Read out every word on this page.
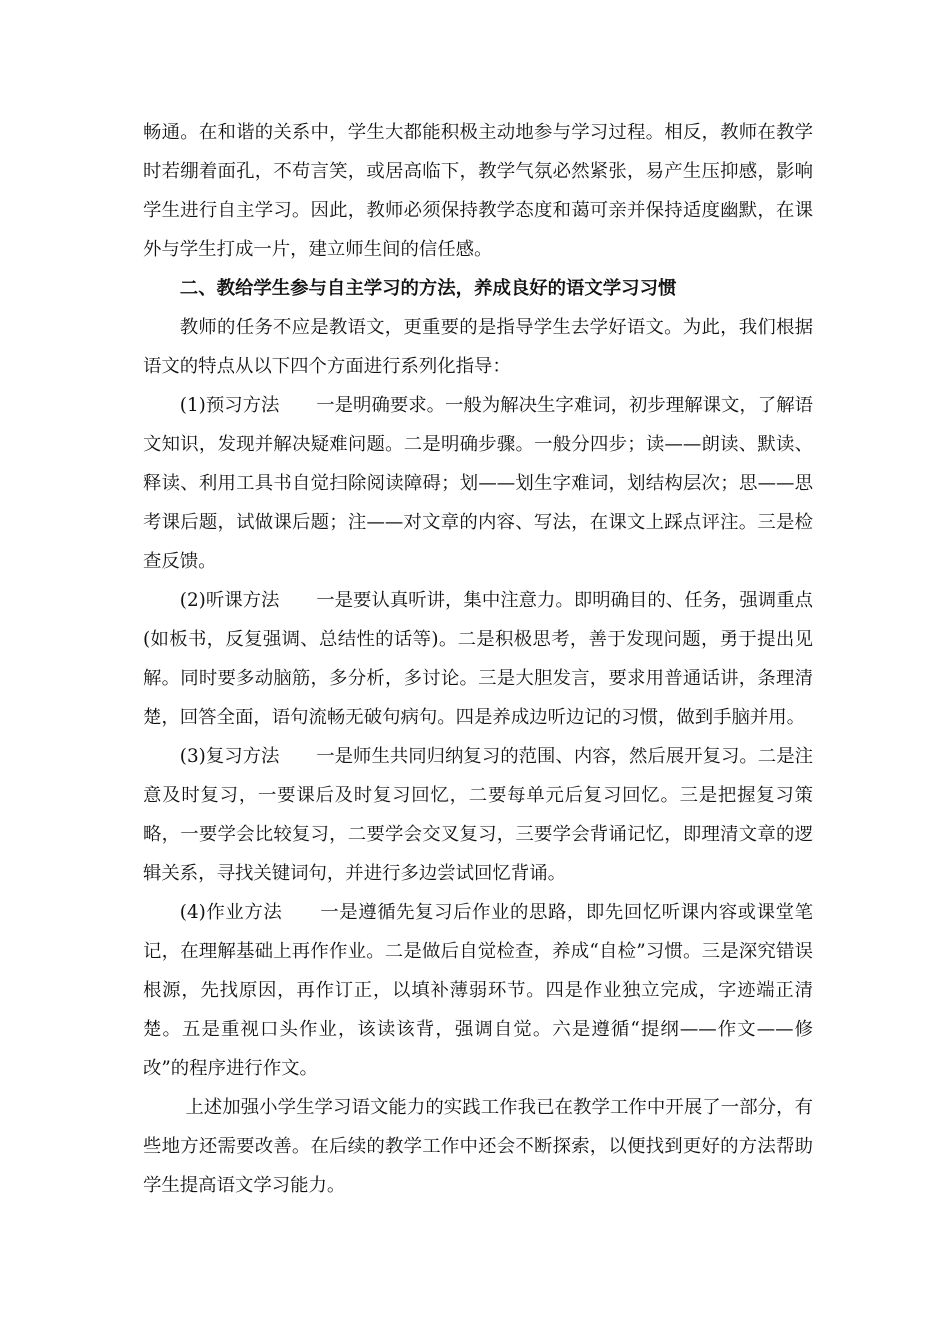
畅通。在和谐的关系中，学生大都能积极主动地参与学习过程。相反，教师在教学时若绷着面孔，不苟言笑，或居高临下，教学气氛必然紧张，易产生压抑感，影响学生进行自主学习。因此，教师必须保持教学态度和蔼可亲并保持适度幽默，在课外与学生打成一片，建立师生间的信任感。

二、教给学生参与自主学习的方法，养成良好的语文学习习惯

教师的任务不应是教语文，更重要的是指导学生去学好语文。为此，我们根据语文的特点从以下四个方面进行系列化指导：

(1)预习方法　　一是明确要求。一般为解决生字难词，初步理解课文，了解语文知识，发现并解决疑难问题。二是明确步骤。一般分四步；读——朗读、默读、释读、利用工具书自觉扫除阅读障碍；划——划生字难词，划结构层次；思——思考课后题，试做课后题；注——对文章的内容、写法，在课文上踩点评注。三是检查反馈。

(2)听课方法　　一是要认真听讲，集中注意力。即明确目的、任务，强调重点(如板书，反复强调、总结性的话等)。二是积极思考，善于发现问题，勇于提出见解。同时要多动脑筋，多分析，多讨论。三是大胆发言，要求用普通话讲，条理清楚，回答全面，语句流畅无破句病句。四是养成边听边记的习惯，做到手脑并用。

(3)复习方法　　一是师生共同归纳复习的范围、内容，然后展开复习。二是注意及时复习，一要课后及时复习回忆，二要每单元后复习回忆。三是把握复习策略，一要学会比较复习，二要学会交叉复习，三要学会背诵记忆，即理清文章的逻辑关系，寻找关键词句，并进行多边尝试回忆背诵。

(4)作业方法　　一是遵循先复习后作业的思路，即先回忆听课内容或课堂笔记，在理解基础上再作作业。二是做后自觉检查，养成“自检”习惯。三是深究错误根源，先找原因，再作订正，以填补薄弱环节。四是作业独立完成，字迹端正清楚。五是重视口头作业，该读该背，强调自觉。六是遵循“提纲——作文——修改”的程序进行作文。

上述加强小学生学习语文能力的实践工作我已在教学工作中开展了一部分，有些地方还需要改善。在后续的教学工作中还会不断探索，以便找到更好的方法帮助学生提高语文学习能力。
